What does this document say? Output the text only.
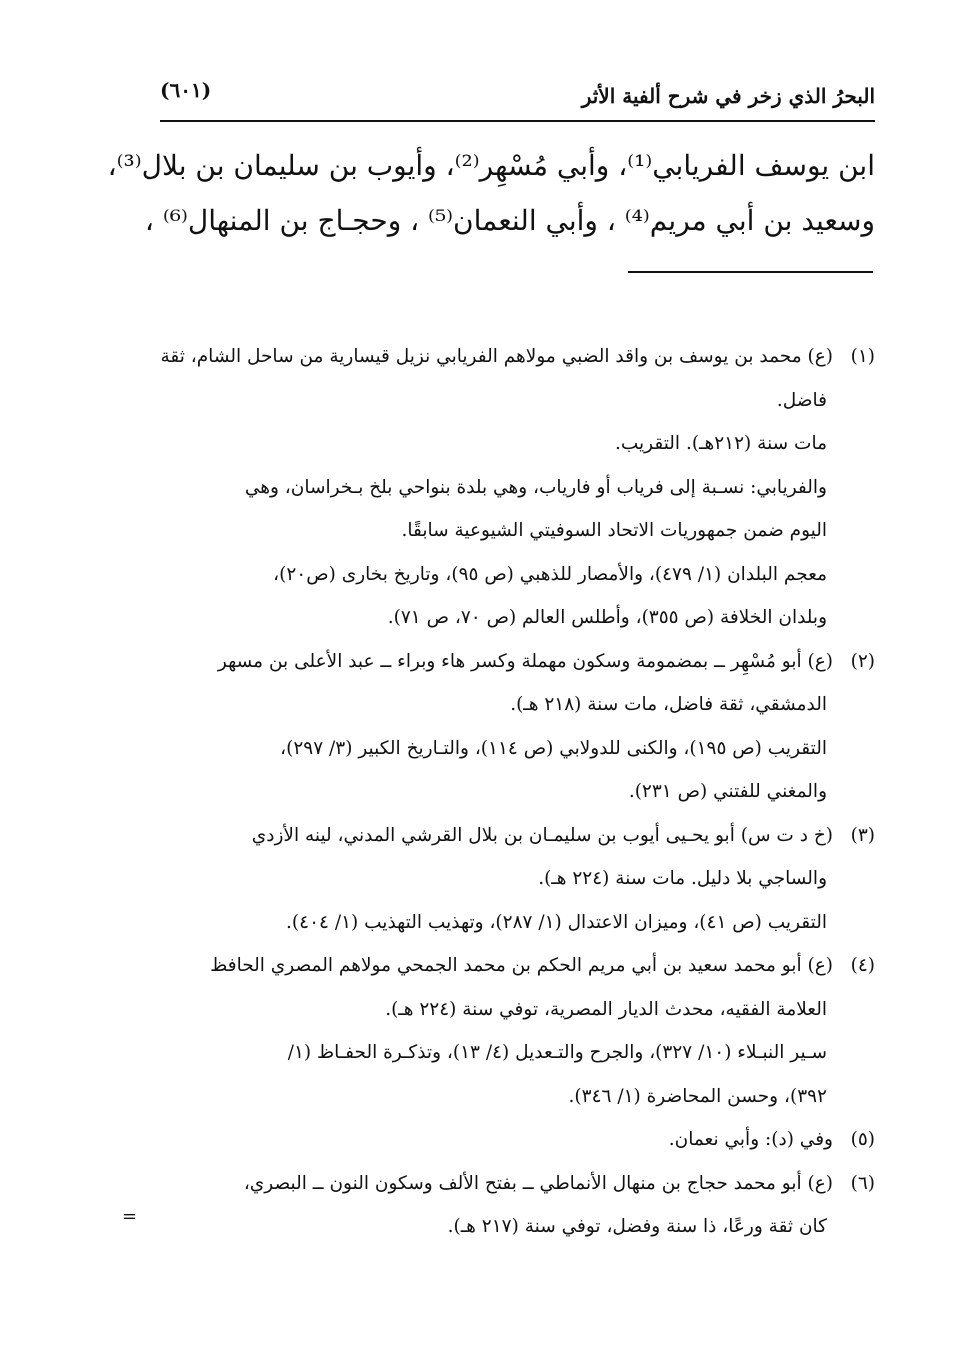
(٦٠١)	البحرُ الذي زخر في شرح ألفية الأثر
ابن يوسف الفريابي⁽¹⁾، وأبي مُسْهِر⁽²⁾، وأيوب بن سليمان بن بلال⁽³⁾،
وسعيد بن أبي مريم⁽⁴⁾ ، وأبي النعمان⁽⁵⁾ ، وحجـاج بن المنهال⁽⁶⁾ ،
(١)(ع) محمد بن يوسف بن واقد الضبي مولاهم الفريابي نزيل قيسارية من ساحل الشام، ثقة
فاضل.
مات سنة (٢١٢هـ). التقريب.
والفريابي: نسـبة إلى فرياب أو فارياب، وهي بلدة بنواحي بلخ بـخراسان، وهي
اليوم ضمن جمهوريات الاتحاد السوفيتي الشيوعية سابقًا.
معجم البلدان (١/ ٤٧٩)، والأمصار للذهبي (ص ٩٥)، وتاريخ بخارى (ص٢٠)،
وبلدان الخلافة (ص ٣٥٥)، وأطلس العالم (ص ٧٠، ص ٧١).
(٢)(ع) أبو مُسْهِر ــ بمضمومة وسكون مهملة وكسر هاء وبراء ــ عبد الأعلى بن مسهر
الدمشقي، ثقة فاضل، مات سنة (٢١٨ هـ).
التقريب (ص ١٩٥)، والكنى للدولابي (ص ١١٤)، والتـاريخ الكبير (٣/ ٢٩٧)،
والمغني للفتني (ص ٢٣١).
(٣)(خ د ت س) أبو يحـيى أيوب بن سليمـان بن بلال القرشي المدني، لينه الأزدي
والساجي بلا دليل. مات سنة (٢٢٤ هـ).
التقريب (ص ٤١)، وميزان الاعتدال (١/ ٢٨٧)، وتهذيب التهذيب (١/ ٤٠٤).
(٤)(ع) أبو محمد سعيد بن أبي مريم الحكم بن محمد الجمحي مولاهم المصري الحافظ
العلامة الفقيه، محدث الديار المصرية، توفي سنة (٢٢٤ هـ).
سـير النبـلاء (١٠/ ٣٢٧)، والجرح والتـعديل (٤/ ١٣)، وتذكـرة الحفـاظ (١/
٣٩٢)، وحسن المحاضرة (١/ ٣٤٦).
(٥)وفي (د): وأبي نعمان.
(٦)(ع) أبو محمد حجاج بن منهال الأنماطي ــ بفتح الألف وسكون النون ــ البصري،
كان ثقة ورعًا، ذا سنة وفضل، توفي سنة (٢١٧ هـ).
=
